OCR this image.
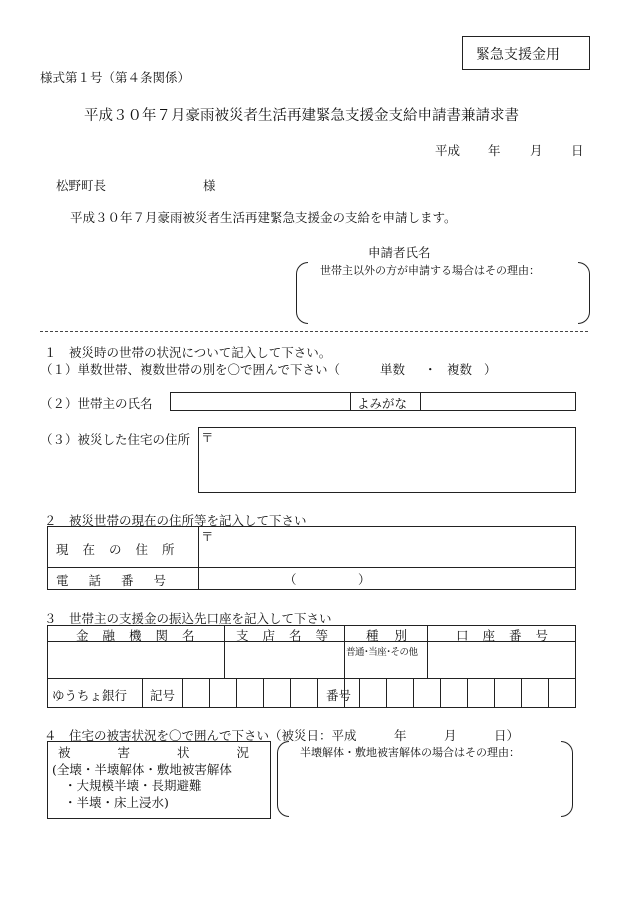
緊急支援金用
様式第１号（第４条関係）
平成３０年７月豪雨被災者生活再建緊急支援金支給申請書兼請求書
平成 年 月 日
松野町長	様
平成３０年７月豪雨被災者生活再建緊急支援金の支給を申請します。
申請者氏名
世帯主以外の方が申請する場合はその理由：
１　被災時の世帯の状況について記入して下さい。
（１）単数世帯、複数世帯の別を〇で囲んで下さい（	単数 ・ 複数 ）
（２）世帯主の氏名	よみがな
（３）被災した住宅の住所 〒
２　被災世帯の現在の住所等を記入して下さい
現在の住所
〒
電話番号	（	）
３　世帯主の支援金の振込先口座を記入して下さい
金融機関名 支店名等 種別	口座番号
普通･当座･その他
ゆうちょ銀行 記号	番号
４　住宅の被害状況を〇で囲んで下さい（被災日：平成　　　年　　　月　　　日）
被害状況
(全壊・半壊解体・敷地被害解体
・大規模半壊・長期避難
・半壊・床上浸水)
半壊解体・敷地被害解体の場合はその理由：
